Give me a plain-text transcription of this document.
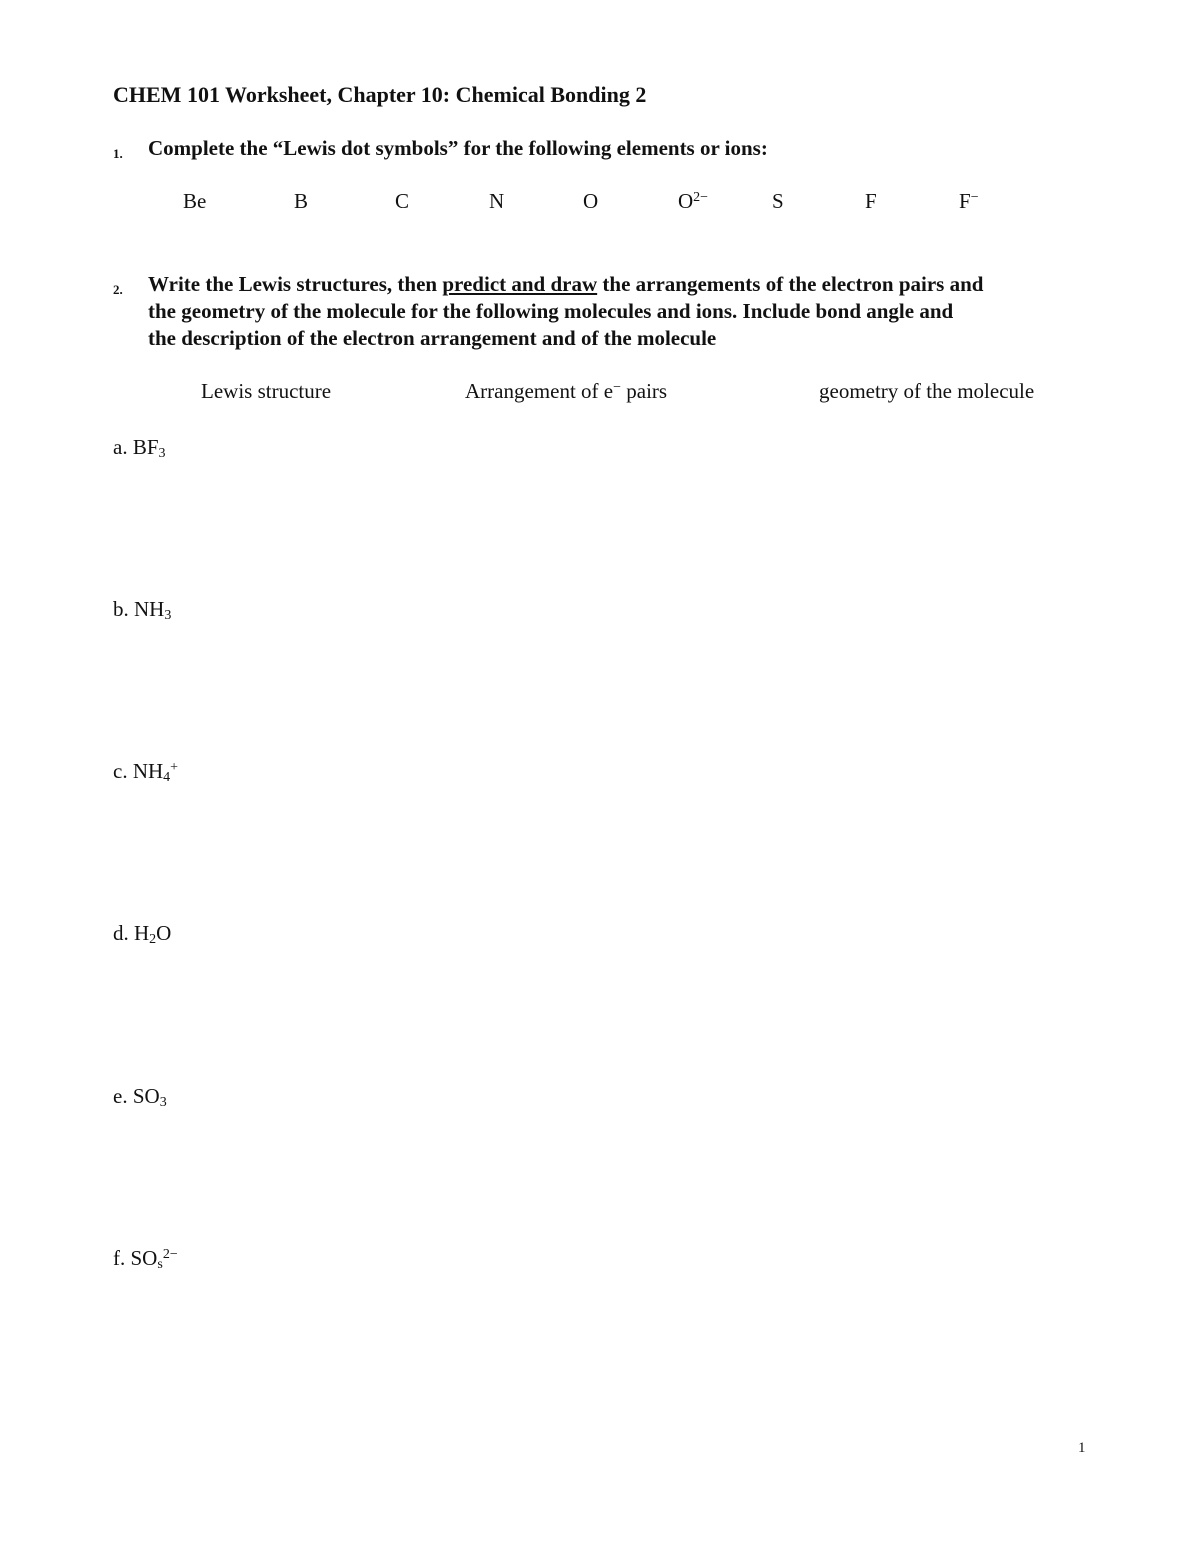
CHEM 101 Worksheet, Chapter 10: Chemical Bonding 2
1. Complete the “Lewis dot symbols” for the following elements or ions:
Be	B	C	N	O	$O^{2-}$	S	F	F−
2. Write the Lewis structures, then predict and draw the arrangements of the electron pairs and
the geometry of the molecule for the following molecules and ions. Include bond angle and
the description of the electron arrangement and of the molecule
Lewis structure	Arrangement of e− pairs	geometry of the molecule
a. $BF_3$
b. $NH_3$
c. $NH_4^+$
d. $H_2O$
e. $SO_3$
f. $SO_s^{2-}$
1
